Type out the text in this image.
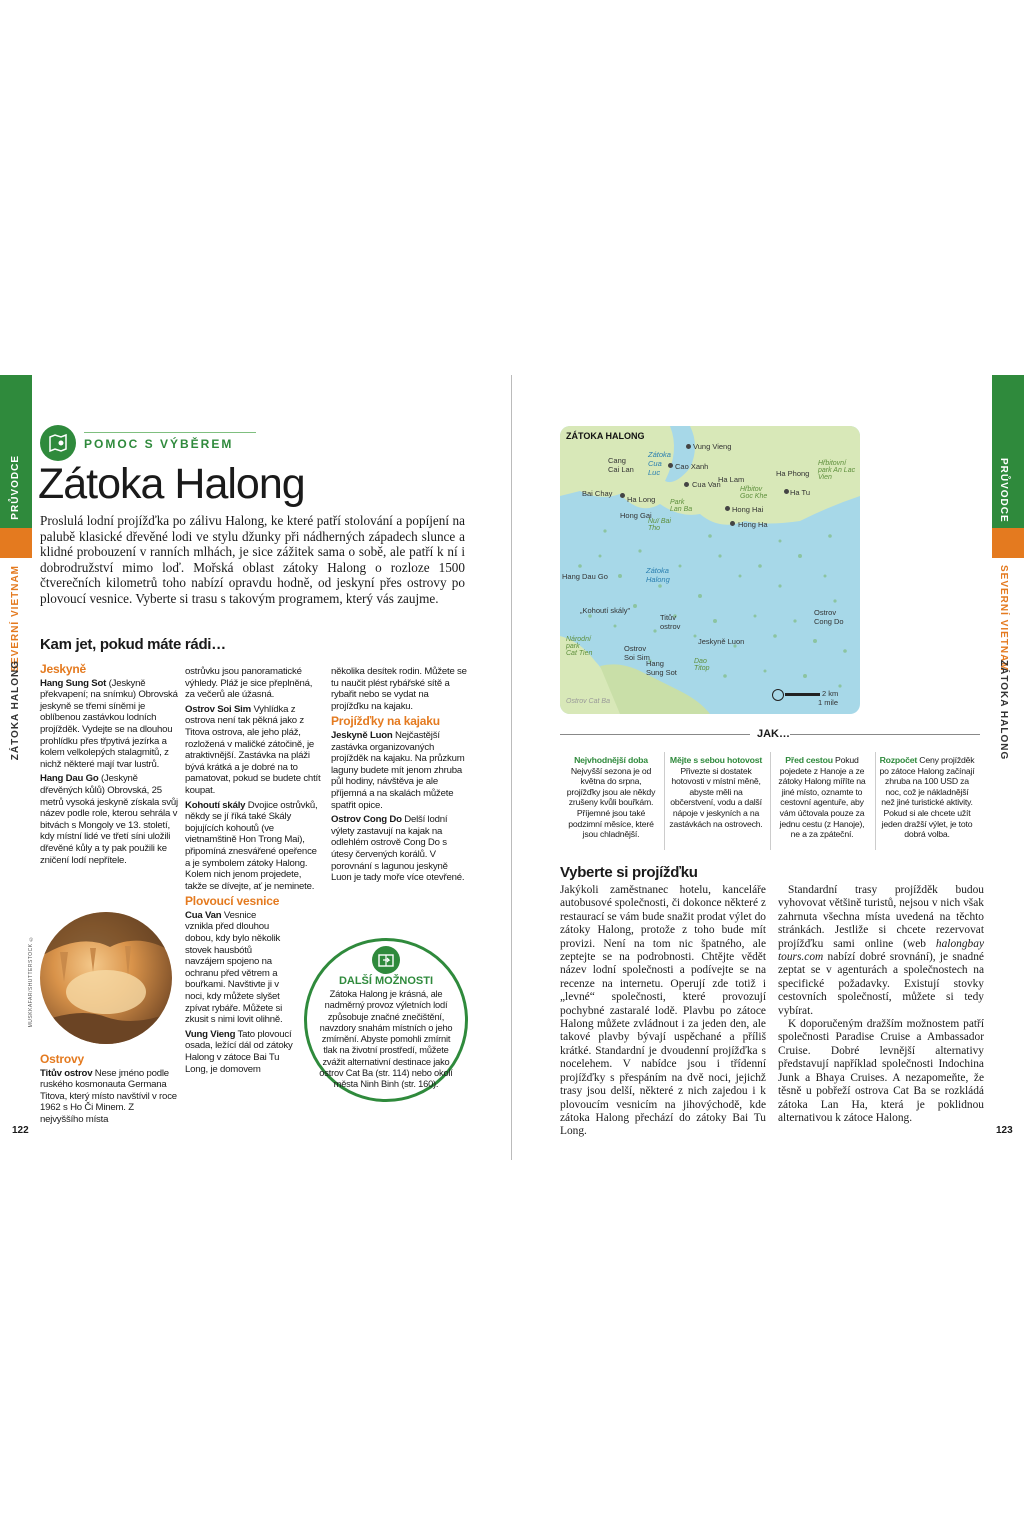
PRŮVODCE
SEVERNÍ VIETNAM
ZÁTOKA HALONG
PRŮVODCE
SEVERNÍ VIETNAM
ZÁTOKA HALONG
POMOC S VÝBĚREM
Zátoka Halong
Proslulá lodní projížďka po zálivu Halong, ke které patří stolování a popíjení na palubě klasické dřevěné lodi ve stylu džunky při nádherných západech slunce a klidné probouzení v ranních mlhách, je sice zážitek sama o sobě, ale patří k ní i dobrodružství mimo loď. Mořská oblast zátoky Halong o rozloze 1500 čtverečních kilometrů toho nabízí opravdu hodně, od jeskyní přes ostrovy po plovoucí vesnice. Vyberte si trasu s takovým programem, který vás zaujme.
Kam jet, pokud máte rádi…
Jeskyně

Hang Sung Sot (Jeskyně překvapení; na snímku) Obrovská jeskyně se třemi síněmi je oblíbenou zastávkou lodních projížděk. Vydejte se na dlouhou prohlídku přes třpytivá jezírka a kolem velkolepých stalagmitů, z nichž některé mají tvar lustrů.

Hang Dau Go (Jeskyně dřevěných kůlů) Obrovská, 25 metrů vysoká jeskyně získala svůj název podle role, kterou sehrála v bitvách s Mongoly ve 13. století, kdy místní lidé ve třetí síni uložili dřevěné kůly a ty pak použili ke zničení lodí nepřítele.

MUSKKAFAR/SHUTTERSTOCK ©
Ostrovy

Titův ostrov Nese jméno podle ruského kosmonauta Germana Titova, který místo navštívil v roce 1962 s Ho Či Minem. Z nejvyššího místa

ostrůvku jsou panoramatické výhledy. Pláž je sice přeplněná, za večerů ale úžasná.

Ostrov Soi Sim Vyhlídka z ostrova není tak pěkná jako z Titova ostrova, ale jeho pláž, rozložená v maličké zátočině, je atraktivnější. Zastávka na pláži bývá krátká a je dobré na to pamatovat, pokud se budete chtít koupat.

Kohoutí skály Dvojice ostrůvků, někdy se jí říká také Skály bojujících kohoutů (ve vietnamštině Hon Trong Mai), připomíná znesvářené opeřence a je symbolem zátoky Halong. Kolem nich jenom projedete, takže se dívejte, ať je neminete.

Plovoucí vesnice

Cua Van Vesnice vznikla před dlouhou dobou, kdy bylo několik stovek hausbótů navzájem spojeno na ochranu před větrem a bouřkami. Navštivte ji v noci, kdy můžete slyšet zpívat rybáře. Můžete si zkusit s nimi lovit olihně.

Vung Vieng Tato plovoucí osada, ležící dál od zátoky Halong v zátoce Bai Tu Long, je domovem

několika desítek rodin. Můžete se tu naučit plést rybářské sítě a rybařit nebo se vydat na projížďku na kajaku.

Projížďky na kajaku

Jeskyně Luon Nejčastější zastávka organizovaných projížděk na kajaku. Na průzkum laguny budete mít jenom zhruba půl hodiny, návštěva je ale příjemná a na skalách můžete spatřit opice.

Ostrov Cong Do Delší lodní výlety zastavují na kajak na odlehlém ostrově Cong Do s útesy červených korálů. V porovnání s lagunou jeskyně Luon je tady moře více otevřené.

DALŠÍ MOŽNOSTI
Zátoka Halong je krásná, ale nadměrný provoz výletních lodí způsobuje značné znečištění, navzdory snahám místních o jeho zmírnění. Abyste pomohli zmírnit tlak na životní prostředí, můžete zvážit alternativní destinace jako ostrov Cat Ba (str. 114) nebo okolí města Ninh Binh (str. 160).
122	123
ZÁTOKA HALONG
Vung Vieng
Cang
Cai Lan
Zátoka
Cua
Luc
Cao Xanh
Ha Lam
Ha Phong
Hřbitovní
park An Lac
Vien
Bai Chay
Cua Van
Ha Long
Hřbitov
Goc Khe	Ha Tu
Park
Lan Ba
Hong Gai
Hong Hai
Hong Ha
Nuï Bai
Tho
Hang Dau Go
Zátoka
Halong
„Kohoutí skály"	Ostrov
Cong Do
Titův
ostrov
Národní
park
Cat Tien
Ostrov
Soi Sim
Jeskyně Luon
Hang
Sung Sot
Dao
Titop
Ostrov Cat Ba
2 km
1 mile
JAK…
Nejvhodnější doba Nejvyšší sezona je od května do srpna, projížďky jsou ale někdy zrušeny kvůli bouřkám. Příjemné jsou také podzimní měsíce, které jsou chladnější.
Mějte s sebou hotovost Přivezte si dostatek hotovosti v místní měně, abyste měli na občerstvení, vodu a další nápoje v jeskyních a na zastávkách na ostrovech.
Před cestou Pokud pojedete z Hanoje a ze zátoky Halong míříte na jiné místo, oznamte to cestovní agentuře, aby vám účtovala pouze za jednu cestu (z Hanoje), ne a za zpáteční.
Rozpočet Ceny projížděk po zátoce Halong začínají zhruba na 100 USD za noc, což je nákladnější než jiné turistické aktivity. Pokud si ale chcete užít jeden dražší výlet, je toto dobrá volba.
Vyberte si projížďku

Jakýkoli zaměstnanec hotelu, kanceláře autobusové společnosti, či dokonce některé z restaurací se vám bude snažit prodat výlet do zátoky Halong, protože z toho bude mít provizi. Není na tom nic špatného, ale zeptejte se na podrobnosti. Chtějte vědět název lodní společnosti a podívejte se na recenze na internetu. Operují zde totiž i „levné“ společnosti, které provozují pochybné zastaralé lodě. Plavbu po zátoce Halong můžete zvládnout i za jeden den, ale takové plavby bývají uspěchané a příliš krátké. Standardní je dvoudenní projížďka s nocelehem. V nabídce jsou i třídenní projížďky s přespáním na dvě noci, jejichž trasy jsou delší, některé z nich zajedou i k plovoucím vesnicím na jihovýchodě, kde zátoka Halong přechází do zátoky Bai Tu Long.

Standardní trasy projížděk budou vyhovovat většině turistů, nejsou v nich však zahrnuta všechna místa uvedená na těchto stránkách. Jestliže si chcete rezervovat projížďku sami online (web halongbay tours.com nabízí dobré srovnání), je snadné zeptat se v agenturách a společnostech na specifické požadavky. Existují stovky cestovních společností, můžete si tedy vybírat.

K doporučeným dražším možnostem patří společnosti Paradise Cruise a Ambassador Cruise. Dobré levnější alternativy představují například společnosti Indochina Junk a Bhaya Cruises. A nezapomeňte, že těsně u pobřeží ostrova Cat Ba se rozkládá zátoka Lan Ha, která je poklidnou alternativou k zátoce Halong.
